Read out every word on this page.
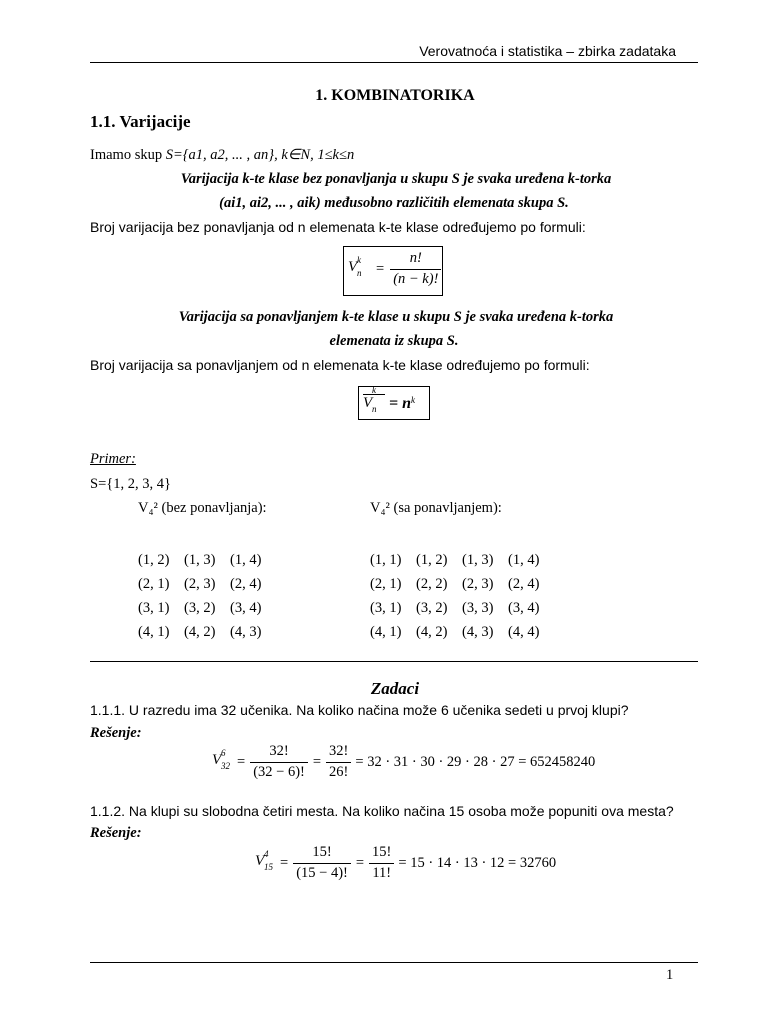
Verovatnoća i statistika – zbirka zadataka
1. KOMBINATORIKA
1.1. Varijacije
Imamo skup S={a1, a2, ... , an}, k∈N, 1≤k≤n
Varijacija k-te klase bez ponavljanja u skupu S je svaka uređena k-torka
(ai1, ai2, ... , aik) međusobno različitih elemenata skupa S.
Broj varijacija bez ponavljanja od n elemenata k-te klase određujemo po formuli:
V k
$n = \frac{n!}{(n - k)!}$
Varijacija sa ponavljanjem k-te klase u skupu S je svaka uređena k-torka
elemenata iz skupa S.
Broj varijacija sa ponavljanjem od n elemenata k-te klase određujemo po formuli:
V
k
$n = n^k$
Primer:
S={1, 2, 3, 4}
V₄² (bez ponavljanja):	V₄² (sa ponavljanjem):
(1, 2)	(1, 3)	(1, 4)
(2, 1)	(2, 3)	(2, 4)
(3, 1)	(3, 2)	(3, 4)
(4, 1)	(4, 2)	(4, 3)
(1, 1)	(1, 2)	(1, 3)	(1, 4)
(2, 1)	(2, 2)	(2, 3)	(2, 4)
(3, 1)	(3, 2)	(3, 3)	(3, 4)
(4, 1)	(4, 2)	(4, 3)	(4, 4)
Zadaci
1.1.1. U razredu ima 32 učenika. Na koliko načina može 6 učenika sedeti u prvoj klupi?
Rešenje:
V 6
$32 = \frac{32!}{(32 - 6)!} = \frac{32!}{26!} = 32 \cdot 31 \cdot 30 \cdot 29 \cdot 28 \cdot 27 = 652458240$
1.1.2. Na klupi su slobodna četiri mesta. Na koliko načina 15 osoba može popuniti ova mesta?
Rešenje:
V 4
$15 = \frac{15!}{(15 - 4)!} = \frac{15!}{11!} = 15 \cdot 14 \cdot 13 \cdot 12 = 32760$
1
